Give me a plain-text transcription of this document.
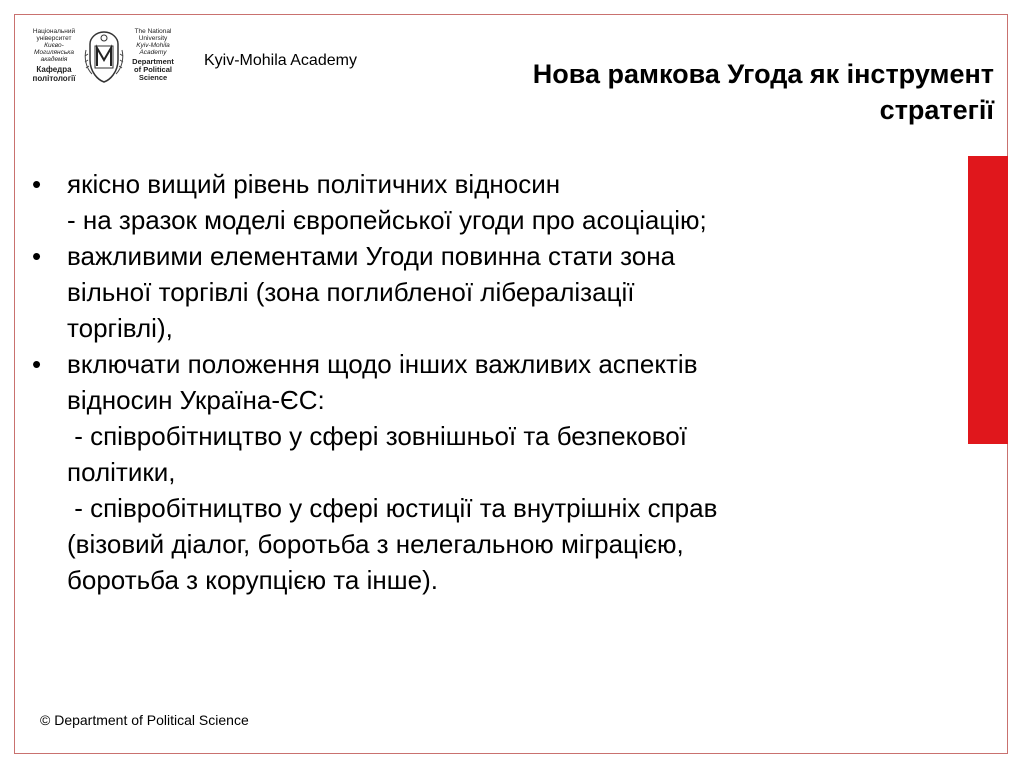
Національний
університет
Києво-
Могилянська
академія
Кафедра
політології
The National
University
Kyiv-Mohila
Academy
Department
of Political
Science
Kyiv-Mohila Academy	Нова рамкова Угода як інструмент
стратегії
• якісно вищий рівень політичних відносин
- на зразок моделі європейської угоди про асоціацію;
• важливими елементами Угоди повинна стати зона
вільної торгівлі (зона поглибленої лібералізації
торгівлі),
• включати положення щодо інших важливих аспектів
відносин Україна-ЄС:
- співробітництво у сфері зовнішньої та безпекової
політики,
- співробітництво у сфері юстиції та внутрішніх справ
(візовий діалог, боротьба з нелегальною міграцією,
боротьба з корупцією та інше).
© Department of Political Science
